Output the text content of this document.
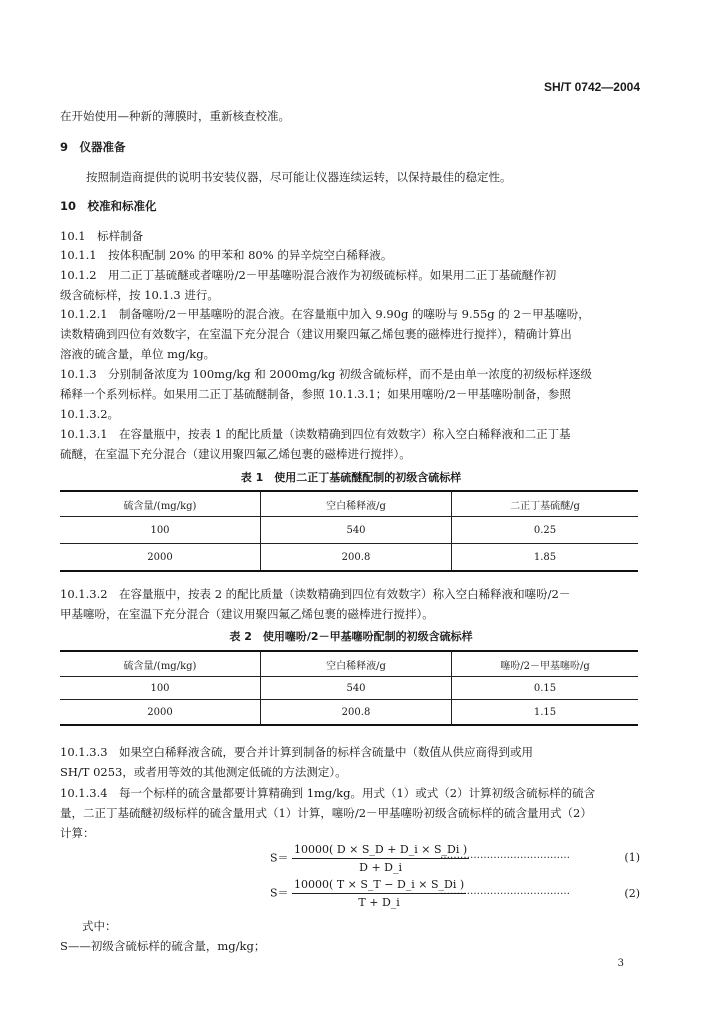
SH/T 0742—2004
在开始使用—种新的薄膜时，重新核查校准。
9　仪器准备
按照制造商提供的说明书安装仪器，尽可能让仪器连续运转，以保持最佳的稳定性。
10　校准和标准化
10.1　标样制备
10.1.1　按体积配制 20% 的甲苯和 80% 的异辛烷空白稀释液。
10.1.2　用二正丁基硫醚或者噻吩/2－甲基噻吩混合液作为初级硫标样。如果用二正丁基硫醚作初
级含硫标样，按 10.1.3 进行。
10.1.2.1　制备噻吩/2－甲基噻吩的混合液。在容量瓶中加入 9.90g 的噻吩与 9.55g 的 2－甲基噻吩，
读数精确到四位有效数字，在室温下充分混合（建议用聚四氟乙烯包裹的磁棒进行搅拌），精确计算出
溶液的硫含量，单位 mg/kg。
10.1.3　分别制备浓度为 100mg/kg 和 2000mg/kg 初级含硫标样，而不是由单一浓度的初级标样逐级
稀释一个系列标样。如果用二正丁基硫醚制备，参照 10.1.3.1；如果用噻吩/2－甲基噻吩制备，参照
10.1.3.2。
10.1.3.1　在容量瓶中，按表 1 的配比质量（读数精确到四位有效数字）称入空白稀释液和二正丁基
硫醚，在室温下充分混合（建议用聚四氟乙烯包裹的磁棒进行搅拌）。
表 1　使用二正丁基硫醚配制的初级含硫标样
硫含量/(mg/kg)	空白稀释液/g	二正丁基硫醚/g
100	540	0.25
2000	200.8	1.85
10.1.3.2　在容量瓶中，按表 2 的配比质量（读数精确到四位有效数字）称入空白稀释液和噻吩/2－
甲基噻吩，在室温下充分混合（建议用聚四氟乙烯包裹的磁棒进行搅拌）。
表 2　使用噻吩/2－甲基噻吩配制的初级含硫标样
硫含量/(mg/kg)	空白稀释液/g	噻吩/2－甲基噻吩/g
100	540	0.15
2000	200.8	1.15
10.1.3.3　如果空白稀释液含硫，要合并计算到制备的标样含硫量中（数值从供应商得到或用
SH/T 0253，或者用等效的其他测定低硫的方法测定）。
10.1.3.4　每一个标样的硫含量都要计算精确到 1mg/kg。用式（1）或式（2）计算初级含硫标样的硫含
量，二正丁基硫醚初级标样的硫含量用式（1）计算，噻吩/2－甲基噻吩初级含硫标样的硫含量用式（2）
计算：
$S= \frac{10000( D \times S\_D + D\_i \times S\_Di )}{D + D\_i}$
…………………………………	(1)
$S= \frac{10000( T \times S\_T - D\_i \times S\_Di )}{T + D\_i}$
…………………………………	(2)
式中：
S——初级含硫标样的硫含量，mg/kg；
3
